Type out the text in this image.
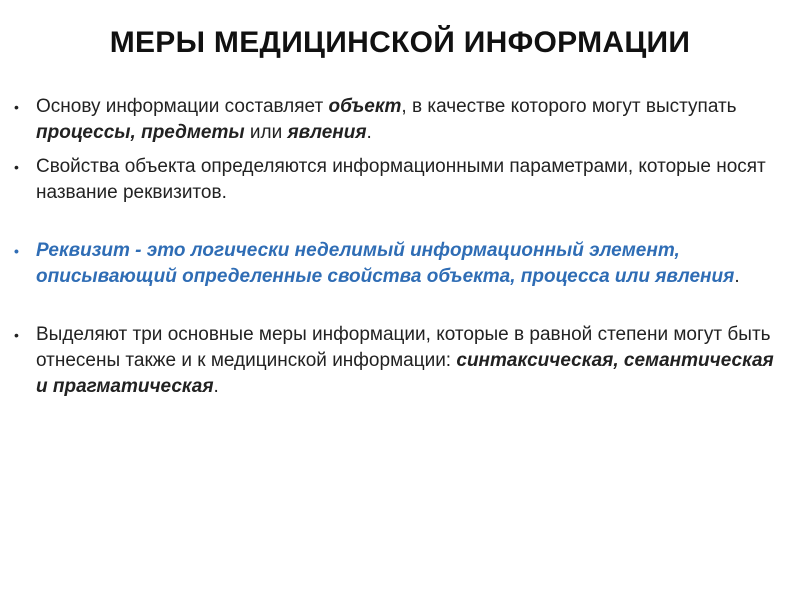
МЕРЫ МЕДИЦИНСКОЙ ИНФОРМАЦИИ
• Основу информации составляет объект, в качестве которого могут выступать процессы, предметы или явления.
• Свойства объекта определяются информационными параметрами, которые носят название реквизитов.
• Реквизит - это логически неделимый информационный элемент, описывающий определенные свойства объекта, процесса или явления.
• Выделяют три основные меры информации, которые в равной степени могут быть отнесены также и к медицинской информации: синтаксическая, семантическая и прагматическая.
